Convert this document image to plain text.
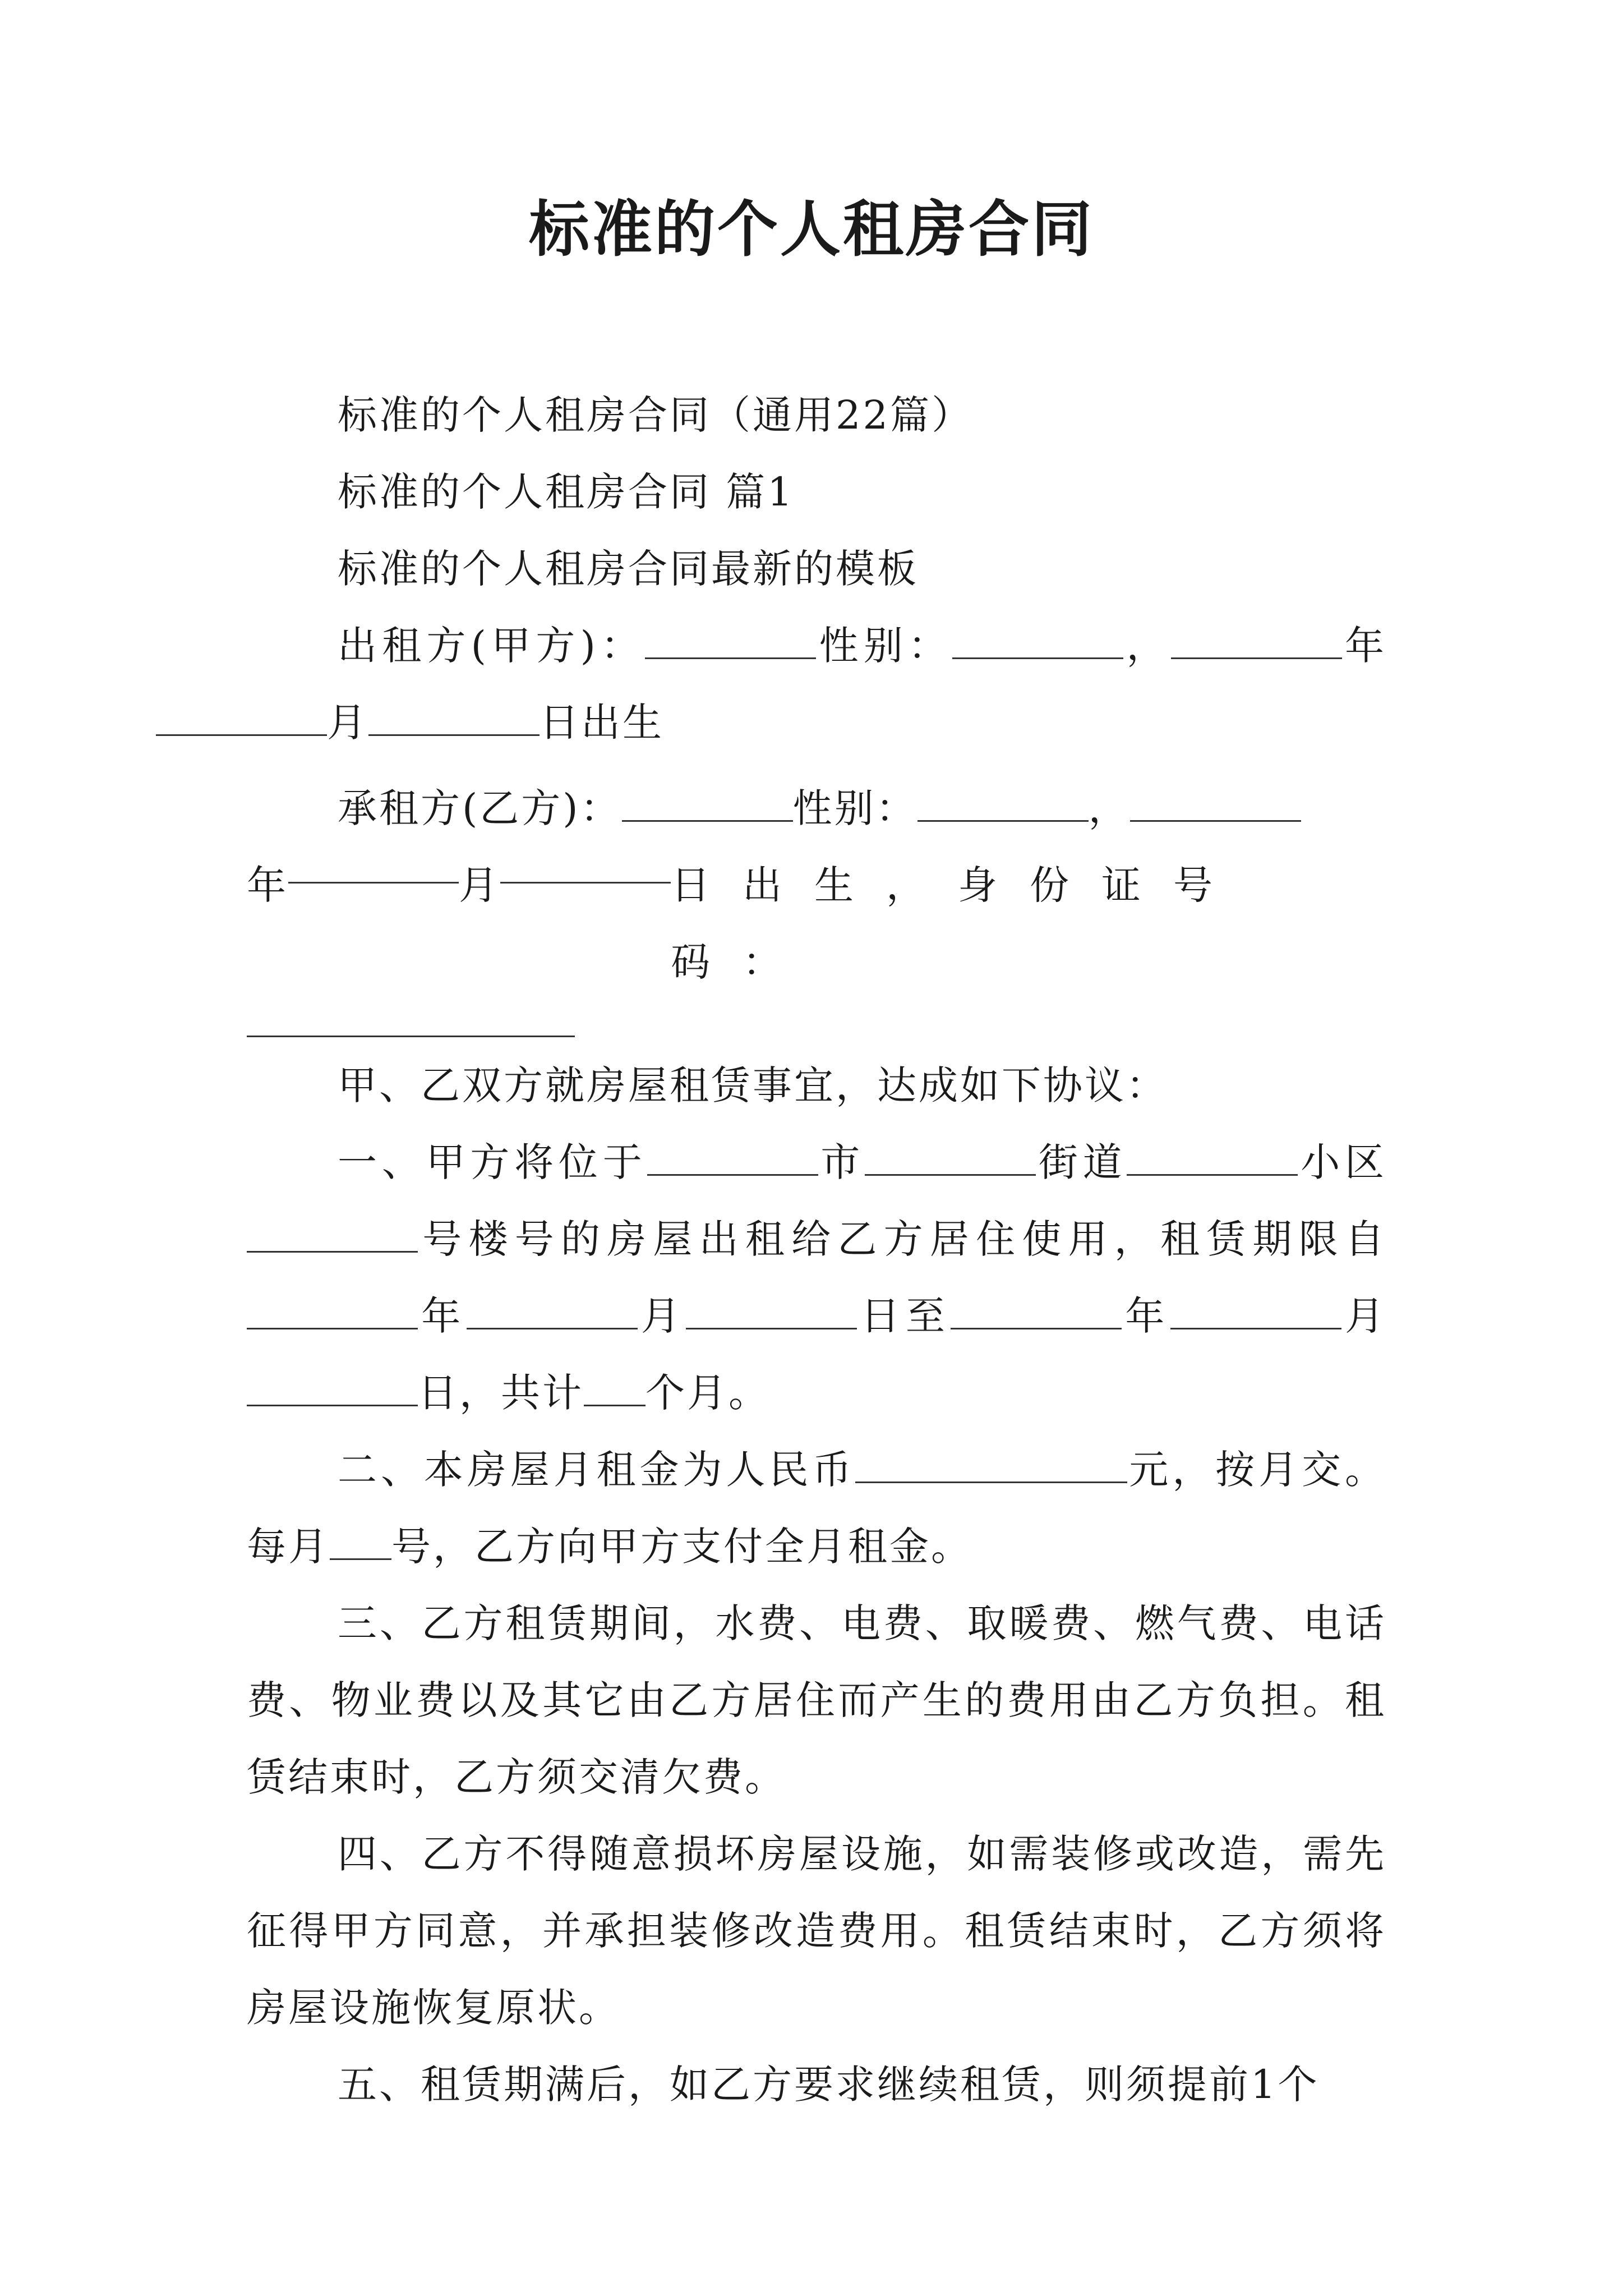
标准的个人租房合同

标准的个人租房合同（通用22篇）

标准的个人租房合同 篇1

标准的个人租房合同最新的模板

出租方(甲方)：	性别：	，	年月	日出生

承租方(乙方)：	性别：	，

年	月	日出生，身份证号码：

甲、乙双方就房屋租赁事宜，达成如下协议：

一、甲方将位于	市	街道	小区号楼号的房屋出租给乙方居住使用，租赁期限自年	月	日至	年	月日，共计 个月。

二、本房屋月租金为人民币	元，按月交。每月 号，乙方向甲方支付全月租金。

三、乙方租赁期间，水费、电费、取暖费、燃气费、电话费、物业费以及其它由乙方居住而产生的费用由乙方负担。租赁结束时，乙方须交清欠费。

四、乙方不得随意损坏房屋设施，如需装修或改造，需先征得甲方同意，并承担装修改造费用。租赁结束时，乙方须将房屋设施恢复原状。

五、租赁期满后，如乙方要求继续租赁，则须提前1个
